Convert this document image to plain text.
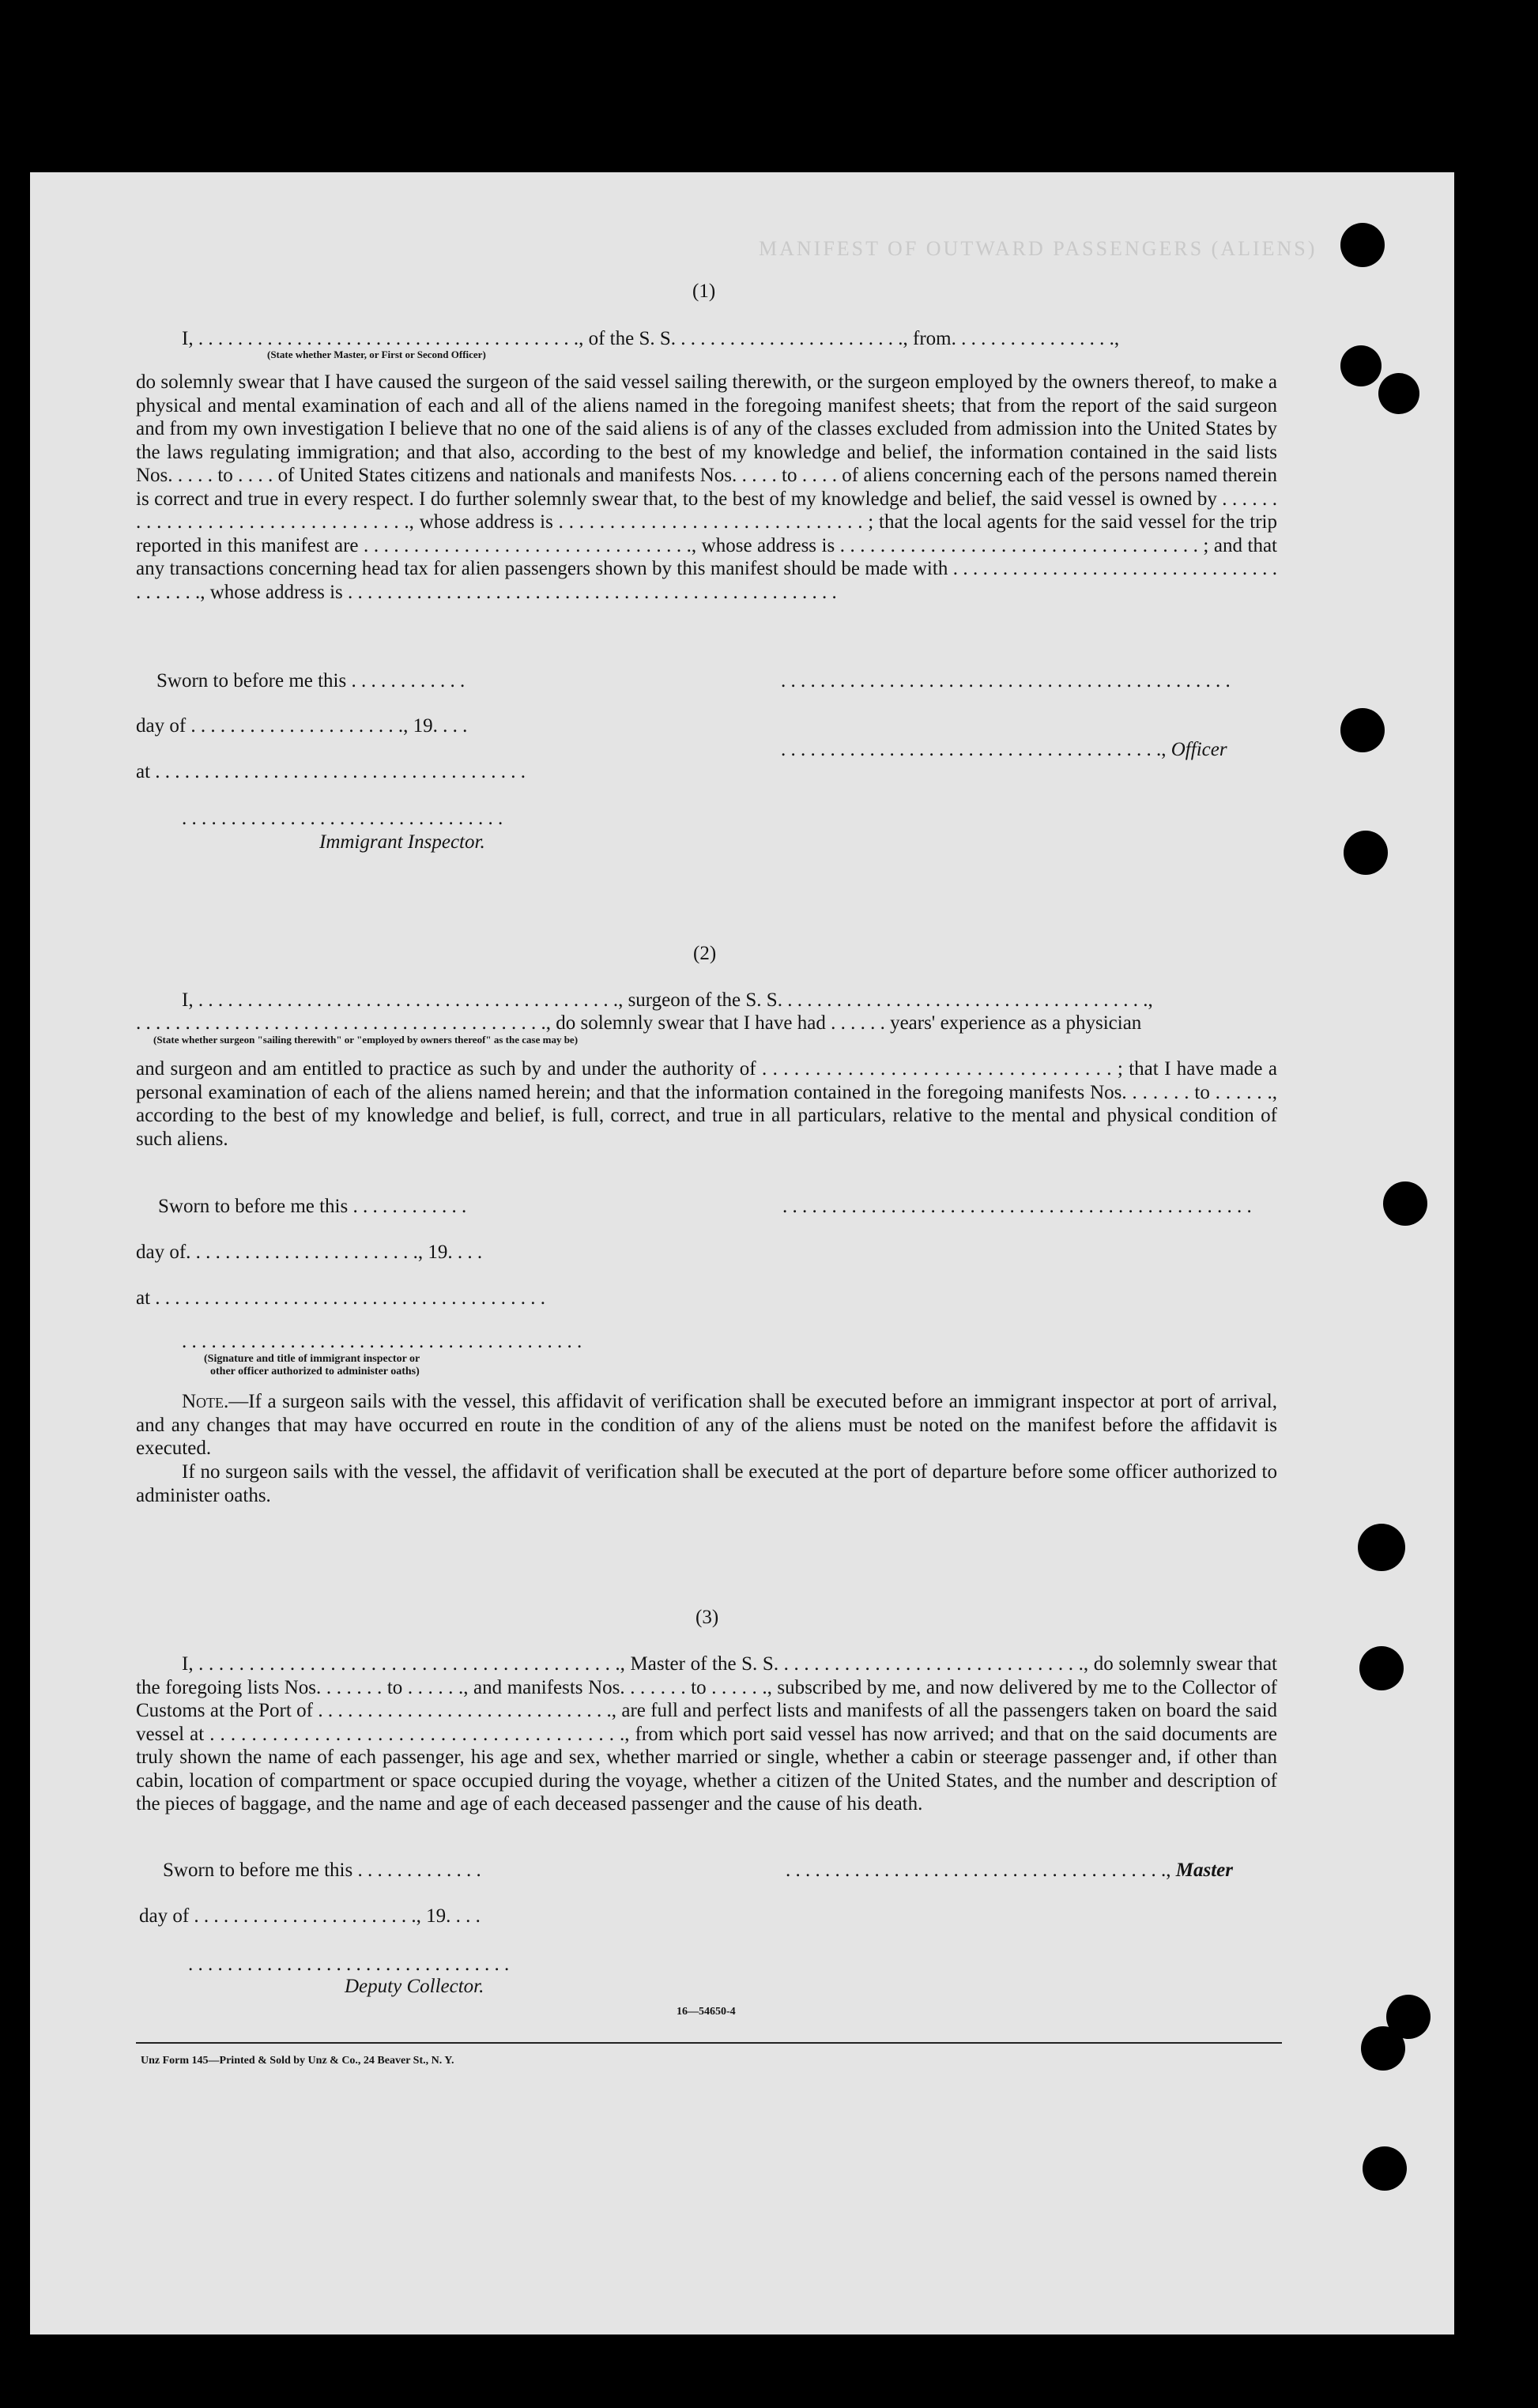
MANIFEST OF OUTWARD PASSENGERS (ALIENS)
(1)
I, . . . . . . . . . . . . . . . . . . . . . . . . . . . . . . . . . . . . . . ., of the S. S. . . . . . . . . . . . . . . . . . . . . . . ., from. . . . . . . . . . . . . . . . .,
(State whether Master, or First or Second Officer)

do solemnly swear that I have caused the surgeon of the said vessel sailing therewith, or the surgeon employed by the owners thereof, to make a physical and mental examination of each and all of the aliens named in the foregoing manifest sheets; that from the report of the said surgeon and from my own investigation I believe that no one of the said aliens is of any of the classes excluded from admission into the United States by the laws regulating immigration; and that also, according to the best of my knowledge and belief, the information contained in the said lists Nos. . . . . to . . . . of United States citizens and nationals and manifests Nos. . . . . to . . . . of aliens concerning each of the persons named therein is correct and true in every respect. I do further solemnly swear that, to the best of my knowledge and belief, the said vessel is owned by . . . . . . . . . . . . . . . . . . . . . . . . . . . . . . . . ., whose address is . . . . . . . . . . . . . . . . . . . . . . . . . . . . . . ; that the local agents for the said vessel for the trip reported in this manifest are . . . . . . . . . . . . . . . . . . . . . . . . . . . . . . . . ., whose address is . . . . . . . . . . . . . . . . . . . . . . . . . . . . . . . . . . . . ; and that any transactions concerning head tax for alien passengers shown by this manifest should be made with . . . . . . . . . . . . . . . . . . . . . . . . . . . . . . . . . . . . . . . ., whose address is . . . . . . . . . . . . . . . . . . . . . . . . . . . . . . . . . . . . . . . . . . . . . . . . . .

Sworn to before me this . . . . . . . . . . . .	. . . . . . . . . . . . . . . . . . . . . . . . . . . . . . . . . . . . . . . . . . . . . .
day of . . . . . . . . . . . . . . . . . . . . . ., 19. . . .
. . . . . . . . . . . . . . . . . . . . . . . . . . . . . . . . . . . . . . ., Officer
at . . . . . . . . . . . . . . . . . . . . . . . . . . . . . . . . . . . . . .
. . . . . . . . . . . . . . . . . . . . . . . . . . . . . . . . .
Immigrant Inspector.
(2)
I, . . . . . . . . . . . . . . . . . . . . . . . . . . . . . . . . . . . . . . . . . . ., surgeon of the S. S. . . . . . . . . . . . . . . . . . . . . . . . . . . . . . . . . . . . . .,
. . . . . . . . . . . . . . . . . . . . . . . . . . . . . . . . . . . . . . . . . ., do solemnly swear that I have had . . . . . . years' experience as a physician
(State whether surgeon "sailing therewith" or "employed by owners thereof" as the case may be)

and surgeon and am entitled to practice as such by and under the authority of . . . . . . . . . . . . . . . . . . . . . . . . . . . . . . . . . ; that I have made a personal examination of each of the aliens named herein; and that the information contained in the foregoing manifests Nos. . . . . . . to . . . . . ., according to the best of my knowledge and belief, is full, correct, and true in all particulars, relative to the mental and physical condition of such aliens.

Sworn to before me this . . . . . . . . . . . .	. . . . . . . . . . . . . . . . . . . . . . . . . . . . . . . . . . . . . . . . . . . . . . . .
day of. . . . . . . . . . . . . . . . . . . . . . . ., 19. . . .
at . . . . . . . . . . . . . . . . . . . . . . . . . . . . . . . . . . . . . . . .
. . . . . . . . . . . . . . . . . . . . . . . . . . . . . . . . . . . . . . . . .
(Signature and title of immigrant inspector or
other officer authorized to administer oaths)

Note.—If a surgeon sails with the vessel, this affidavit of verification shall be executed before an immigrant inspector at port of arrival, and any changes that may have occurred en route in the condition of any of the aliens must be noted on the manifest before the affidavit is executed.

If no surgeon sails with the vessel, the affidavit of verification shall be executed at the port of departure before some officer authorized to administer oaths.

(3)

I, . . . . . . . . . . . . . . . . . . . . . . . . . . . . . . . . . . . . . . . . . ., Master of the S. S. . . . . . . . . . . . . . . . . . . . . . . . . . . . . . ., do solemnly swear that the foregoing lists Nos. . . . . . . to . . . . . ., and manifests Nos. . . . . . . to . . . . . ., subscribed by me, and now delivered by me to the Collector of Customs at the Port of . . . . . . . . . . . . . . . . . . . . . . . . . . . . . ., are full and perfect lists and manifests of all the passengers taken on board the said vessel at . . . . . . . . . . . . . . . . . . . . . . . . . . . . . . . . . . . . . . . ., from which port said vessel has now arrived; and that on the said documents are truly shown the name of each passenger, his age and sex, whether married or single, whether a cabin or steerage passenger and, if other than cabin, location of compartment or space occupied during the voyage, whether a citizen of the United States, and the number and description of the pieces of baggage, and the name and age of each deceased passenger and the cause of his death.

Sworn to before me this . . . . . . . . . . . . .	. . . . . . . . . . . . . . . . . . . . . . . . . . . . . . . . . . . . . . ., Master
day of . . . . . . . . . . . . . . . . . . . . . . ., 19. . . .
. . . . . . . . . . . . . . . . . . . . . . . . . . . . . . . . .
Deputy Collector.
16—54650-4
Unz Form 145—Printed & Sold by Unz & Co., 24 Beaver St., N. Y.
